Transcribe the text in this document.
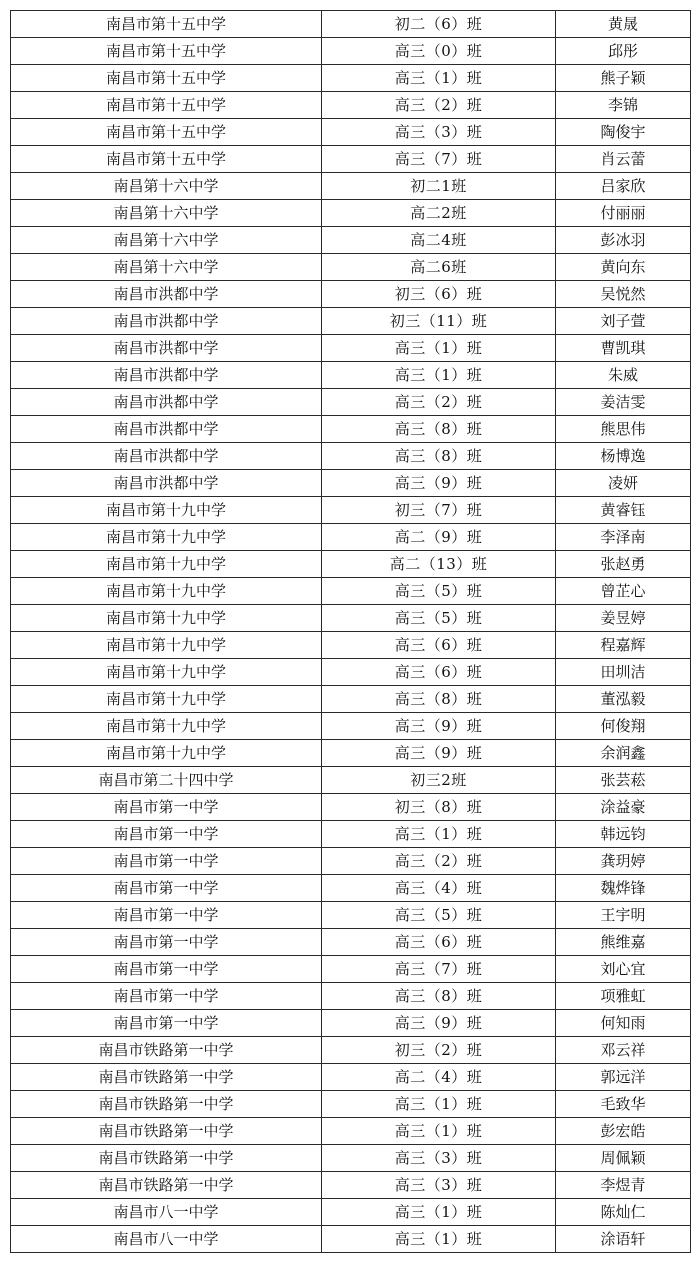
南昌市第十五中学	初二（6）班	黄晟
南昌市第十五中学	高三（0）班	邱彤
南昌市第十五中学	高三（1）班	熊子颖
南昌市第十五中学	高三（2）班	李锦
南昌市第十五中学	高三（3）班	陶俊宇
南昌市第十五中学	高三（7）班	肖云蕾
南昌第十六中学	初二1班	吕家欣
南昌第十六中学	高二2班	付丽丽
南昌第十六中学	高二4班	彭冰羽
南昌第十六中学	高二6班	黄向东
南昌市洪都中学	初三（6）班	吴悦然
南昌市洪都中学	初三（11）班	刘子萱
南昌市洪都中学	高三（1）班	曹凯琪
南昌市洪都中学	高三（1）班	朱威
南昌市洪都中学	高三（2）班	姜洁雯
南昌市洪都中学	高三（8）班	熊思伟
南昌市洪都中学	高三（8）班	杨博逸
南昌市洪都中学	高三（9）班	凌妍
南昌市第十九中学	初三（7）班	黄睿钰
南昌市第十九中学	高二（9）班	李泽南
南昌市第十九中学	高二（13）班	张赵勇
南昌市第十九中学	高三（5）班	曾芷心
南昌市第十九中学	高三（5）班	姜昱婷
南昌市第十九中学	高三（6）班	程嘉辉
南昌市第十九中学	高三（6）班	田圳洁
南昌市第十九中学	高三（8）班	董泓毅
南昌市第十九中学	高三（9）班	何俊翔
南昌市第十九中学	高三（9）班	余润鑫
南昌市第二十四中学	初三2班	张芸菘
南昌市第一中学	初三（8）班	涂益豪
南昌市第一中学	高三（1）班	韩远钧
南昌市第一中学	高三（2）班	龚玥婷
南昌市第一中学	高三（4）班	魏烨锋
南昌市第一中学	高三（5）班	王宇明
南昌市第一中学	高三（6）班	熊维嘉
南昌市第一中学	高三（7）班	刘心宜
南昌市第一中学	高三（8）班	项雅虹
南昌市第一中学	高三（9）班	何知雨
南昌市铁路第一中学	初三（2）班	邓云祥
南昌市铁路第一中学	高二（4）班	郭远洋
南昌市铁路第一中学	高三（1）班	毛致华
南昌市铁路第一中学	高三（1）班	彭宏皓
南昌市铁路第一中学	高三（3）班	周佩颖
南昌市铁路第一中学	高三（3）班	李煜青
南昌市八一中学	高三（1）班	陈灿仁
南昌市八一中学	高三（1）班	涂语轩
